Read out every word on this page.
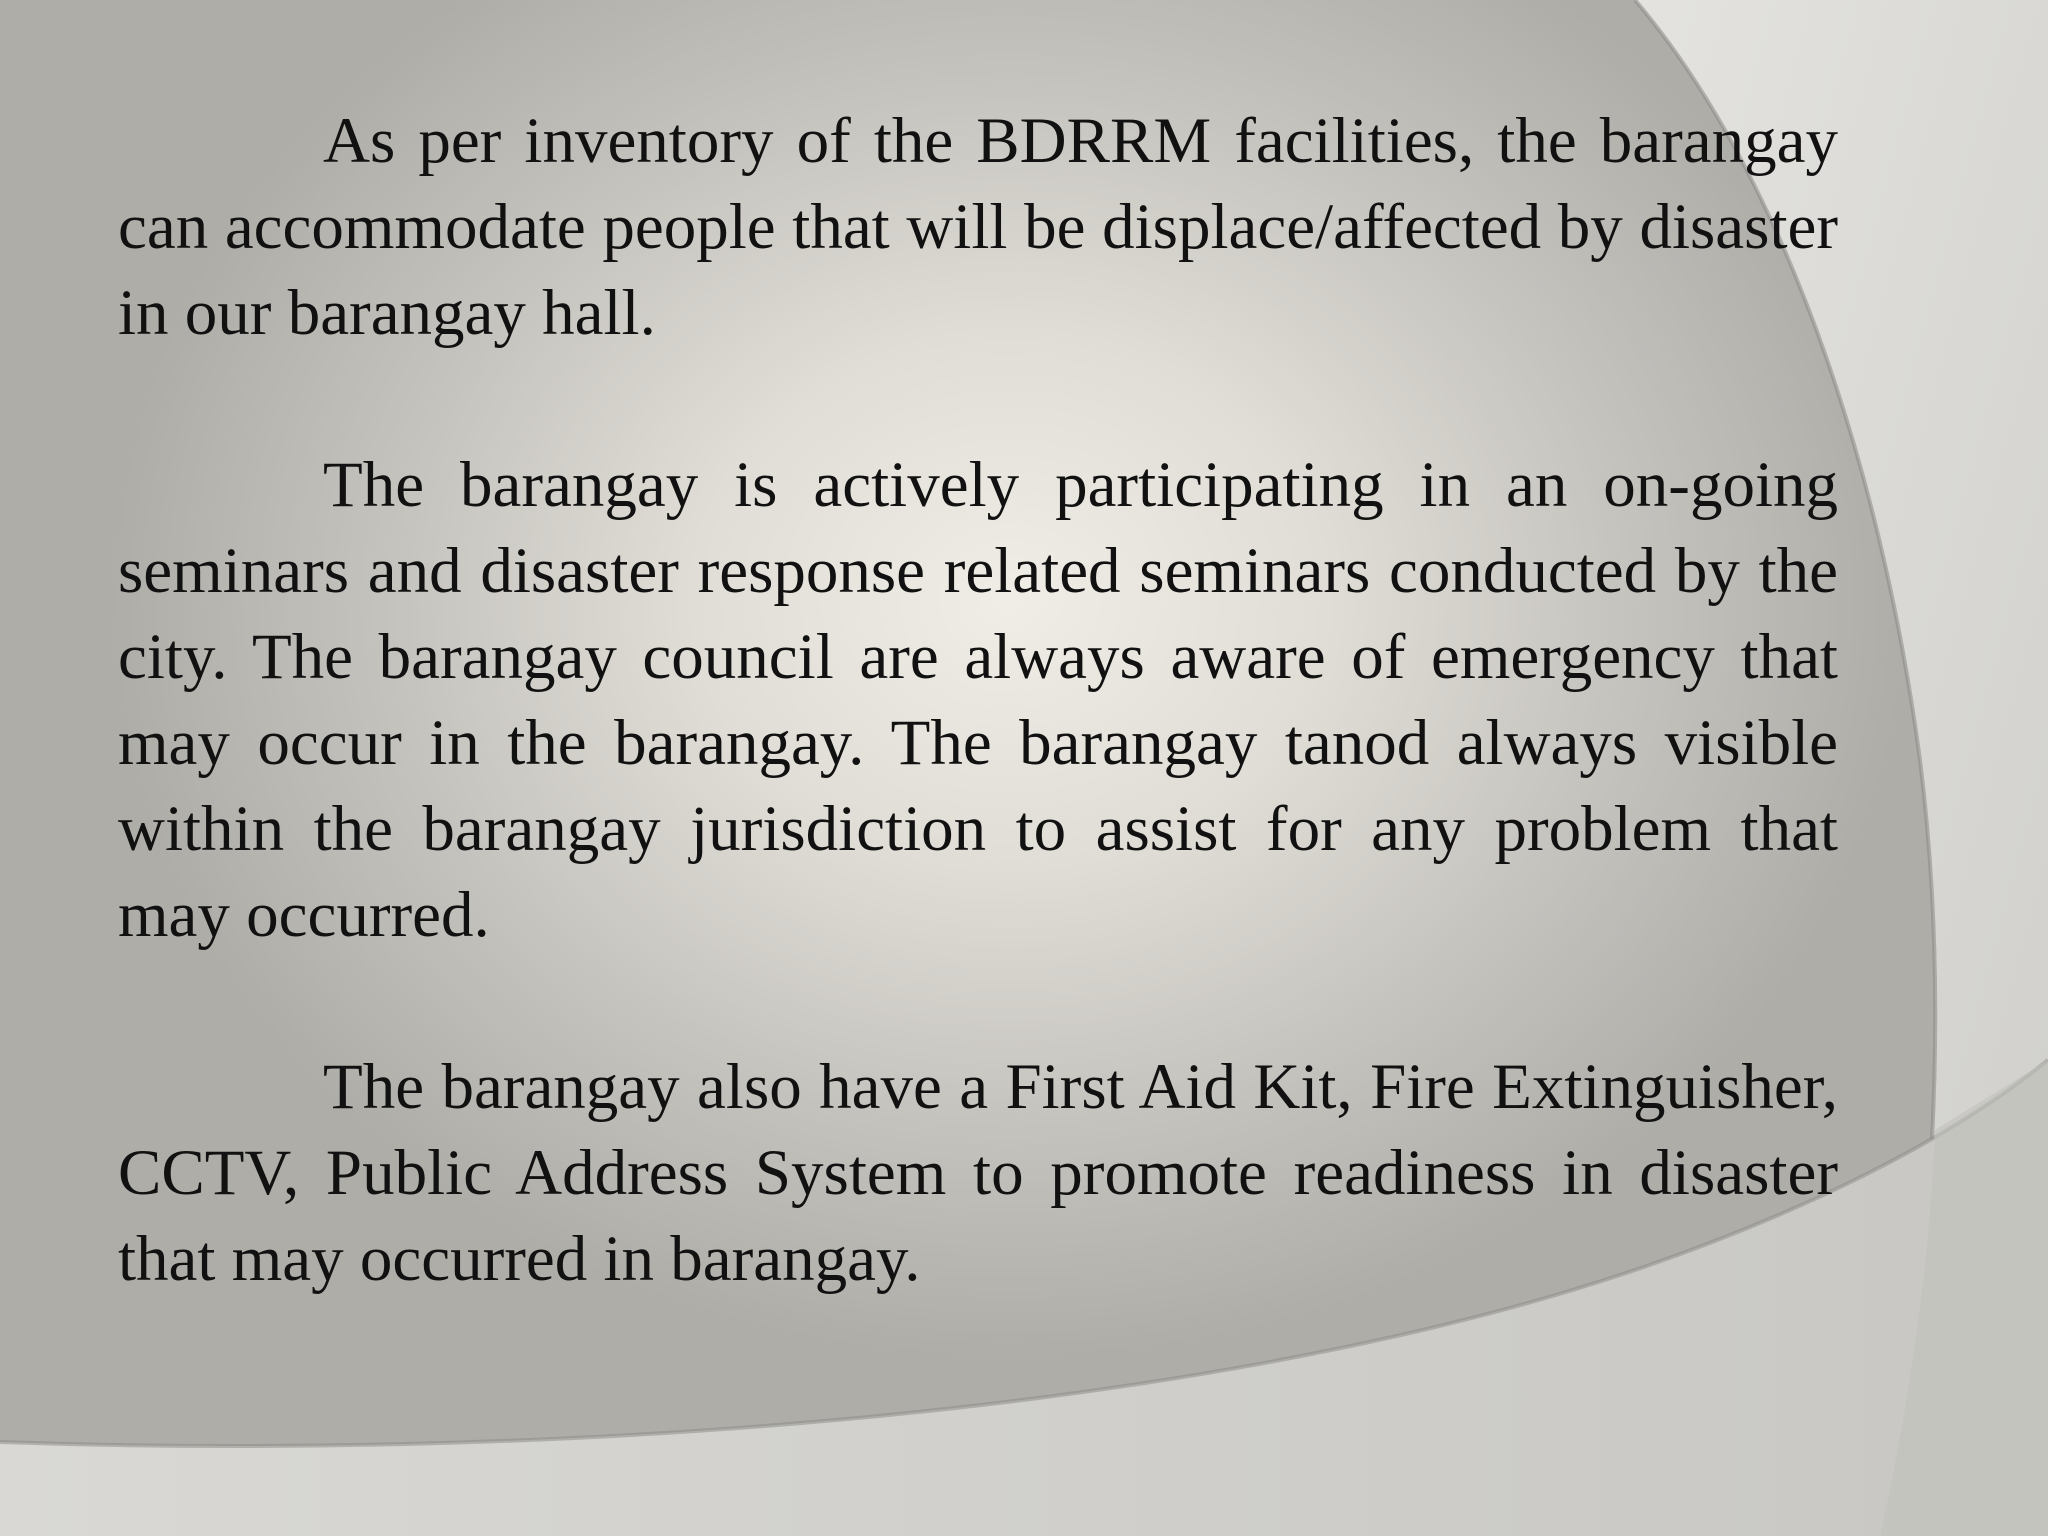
As per inventory of the BDRRM facilities, the barangay can accommodate people that will be displace/affected by disaster in our barangay hall.

The barangay is actively participating in an on-going seminars and disaster response related seminars conducted by the city. The barangay council are always aware of emergency that may occur in the barangay. The barangay tanod always visible within the barangay jurisdiction to assist for any problem that may occurred.

The barangay also have a First Aid Kit, Fire Extinguisher, CCTV, Public Address System to promote readiness in disaster that may occurred in barangay.
